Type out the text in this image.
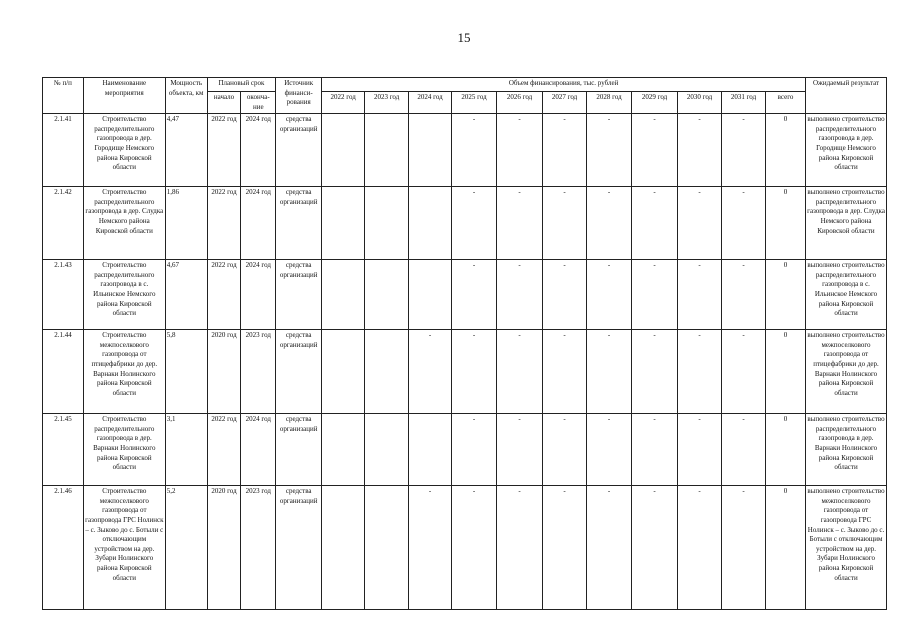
15
№ п/п	Наименование мероприятия	Мощность объекта, км	Плановый срок		Источник финанси-рования	Объем финансирования, тыс. рублей											Ожидаемый результат
			начало	оконча-ние		2022 год	2023 год	2024 год	2025 год	2026 год	2027 год	2028 год	2029 год	2030 год	2031 год	всего	
2.1.41	Строительство распределительного газопровода в дер. Городище Немского района Кировской области	4,47	2022 год	2024 год	средства организаций				-	-	-	-	-	-	-	0	выполнено строительство распределительного газопровода в дер. Городище Немского района Кировской области
2.1.42	Строительство распределительного газопровода в дер. Слудка Немского района Кировской области	1,86	2022 год	2024 год	средства организаций				-	-	-	-	-	-	-	0	выполнено строительство распределительного газопровода в дер. Слудка Немского района Кировской области
2.1.43	Строительство распределительного газопровода в с. Ильинское Немского района Кировской области	4,67	2022 год	2024 год	средства организаций				-	-	-	-	-	-	-	0	выполнено строительство распределительного газопровода в с. Ильинское Немского района Кировской области
2.1.44	Строительство межпоселкового газопровода от птицефабрики до дер. Варнаки Нолинского района Кировской области	5,8	2020 год	2023 год	средства организаций			-	-	-	-	-	-	-	-	0	выполнено строительство межпоселкового газопровода от птицефабрики до дер. Варнаки Нолинского района Кировской области
2.1.45	Строительство распределительного газопровода в дер. Варнаки Нолинского района Кировской области	3,1	2022 год	2024 год	средства организаций				-	-	-	-	-	-	-	0	выполнено строительство распределительного газопровода в дер. Варнаки Нолинского района Кировской области
2.1.46	Строительство межпоселкового газопровода от газопровода ГРС Нолинск – с. Зыково до с. Ботыли с отключающим устройством на дер. Зубари Нолинского района Кировской области	5,2	2020 год	2023 год	средства организаций			-	-	-	-	-	-	-	-	0	выполнено строительство межпоселкового газопровода от газопровода ГРС Нолинск – с. Зыково до с. Ботыли с отключающим устройством на дер. Зубари Нолинского района Кировской области
